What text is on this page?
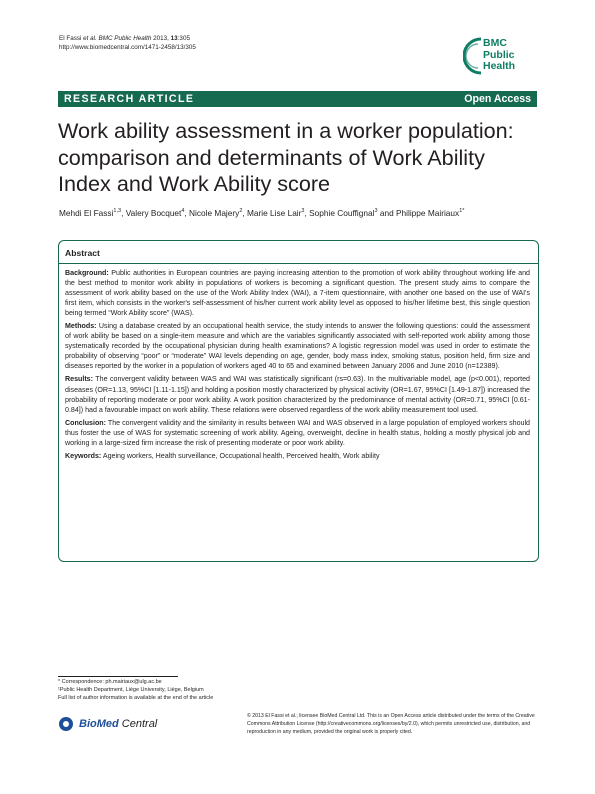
El Fassi et al. BMC Public Health 2013, 13:305
http://www.biomedcentral.com/1471-2458/13/305	BMC
Public Health
RESEARCH ARTICLE	Open Access
Work ability assessment in a worker population: comparison and determinants of Work Ability Index and Work Ability score
Mehdi El Fassi$^{1,3}$, Valery Bocquet$^4$, Nicole Majery$^2$, Marie Lise Lair$^3$, Sophie Couffignal$^3$ and Philippe Mairiaux$^{1*}$
Abstract

Background: Public authorities in European countries are paying increasing attention to the promotion of work ability throughout working life and the best method to monitor work ability in populations of workers is becoming a significant question. The present study aims to compare the assessment of work ability based on the use of the Work Ability Index (WAI), a 7-item questionnaire, with another one based on the use of WAI's first item, which consists in the worker's self-assessment of his/her current work ability level as opposed to his/her lifetime best, this single question being termed “Work Ability score” (WAS).

Methods: Using a database created by an occupational health service, the study intends to answer the following questions: could the assessment of work ability be based on a single-item measure and which are the variables significantly associated with self-reported work ability among those systematically recorded by the occupational physician during health examinations? A logistic regression model was used in order to estimate the probability of observing “poor” or “moderate” WAI levels depending on age, gender, body mass index, smoking status, position held, firm size and diseases reported by the worker in a population of workers aged 40 to 65 and examined between January 2006 and June 2010 (n=12389).

Results: The convergent validity between WAS and WAI was statistically significant (rs=0.63). In the multivariable model, age (p<0.001), reported diseases (OR=1.13, 95%CI [1.11-1.15]) and holding a position mostly characterized by physical activity (OR=1.67, 95%CI [1.49-1.87]) increased the probability of reporting moderate or poor work ability. A work position characterized by the predominance of mental activity (OR=0.71, 95%CI [0.61-0.84]) had a favourable impact on work ability. These relations were observed regardless of the work ability measurement tool used.

Conclusion: The convergent validity and the similarity in results between WAI and WAS observed in a large population of employed workers should thus foster the use of WAS for systematic screening of work ability. Ageing, overweight, decline in health status, holding a mostly physical job and working in a large-sized firm increase the risk of presenting moderate or poor work ability.

Keywords: Ageing workers, Health surveillance, Occupational health, Perceived health, Work ability

* Correspondence: ph.mairiaux@ulg.ac.be
¹Public Health Department, Liège University, Liège, Belgium
Full list of author information is available at the end of the article
BioMed Central
© 2013 El Fassi et al.; licensee BioMed Central Ltd. This is an Open Access article distributed under the terms of the Creative Commons Attribution License (http://creativecommons.org/licenses/by/2.0), which permits unrestricted use, distribution, and reproduction in any medium, provided the original work is properly cited.
